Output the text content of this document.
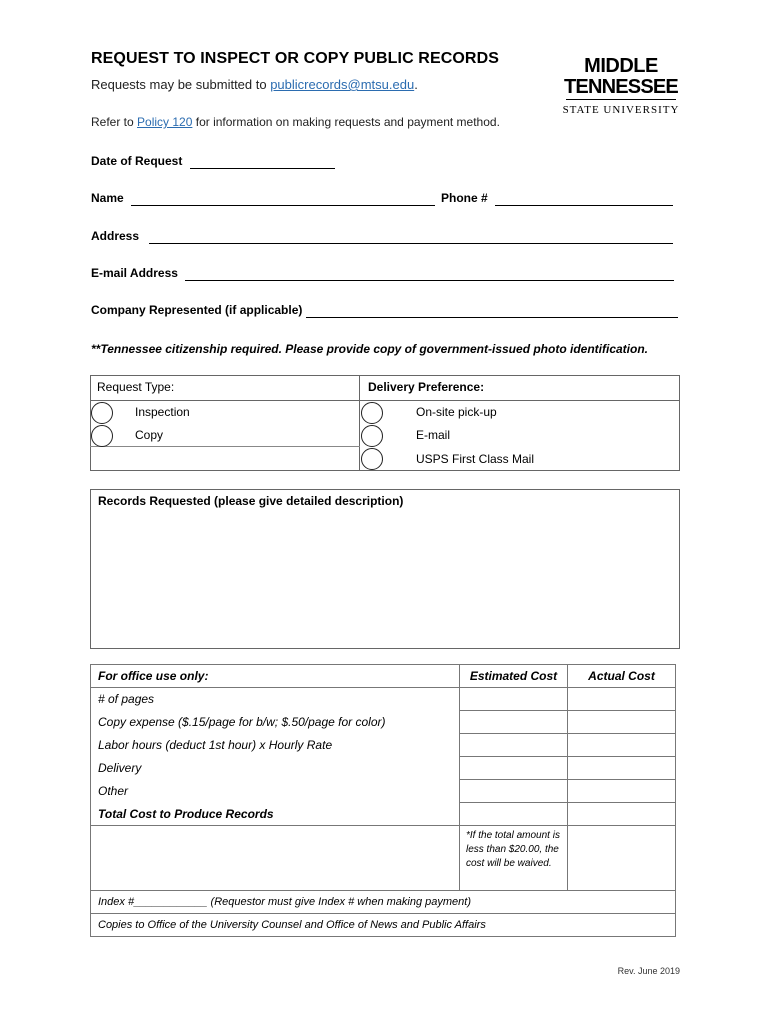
REQUEST TO INSPECT OR COPY PUBLIC RECORDS
Requests may be submitted to publicrecords@mtsu.edu.
Refer to Policy 120 for information on making requests and payment method.
MIDDLE
TENNESSEE
STATE UNIVERSITY
Date of Request
Name	Phone #
Address
E-mail Address
Company Represented (if applicable)
**Tennessee citizenship required. Please provide copy of government-issued photo identification.
Request Type:	Delivery Preference:
Inspection
Copy
On-site pick-up
E-mail
USPS First Class Mail
Records Requested (please give detailed description)
For office use only:	Estimated Cost	Actual Cost
# of pages		
Copy expense ($.15/page for b/w; $.50/page for color)		
Labor hours (deduct 1st hour) x Hourly Rate		
Delivery		
Other		
Total Cost to Produce Records		
	*If the total amount is less than $20.00, the cost will be waived.	
Index #____________ (Requestor must give Index # when making payment)		
Copies to Office of the University Counsel and Office of News and Public Affairs		
Rev. June 2019
